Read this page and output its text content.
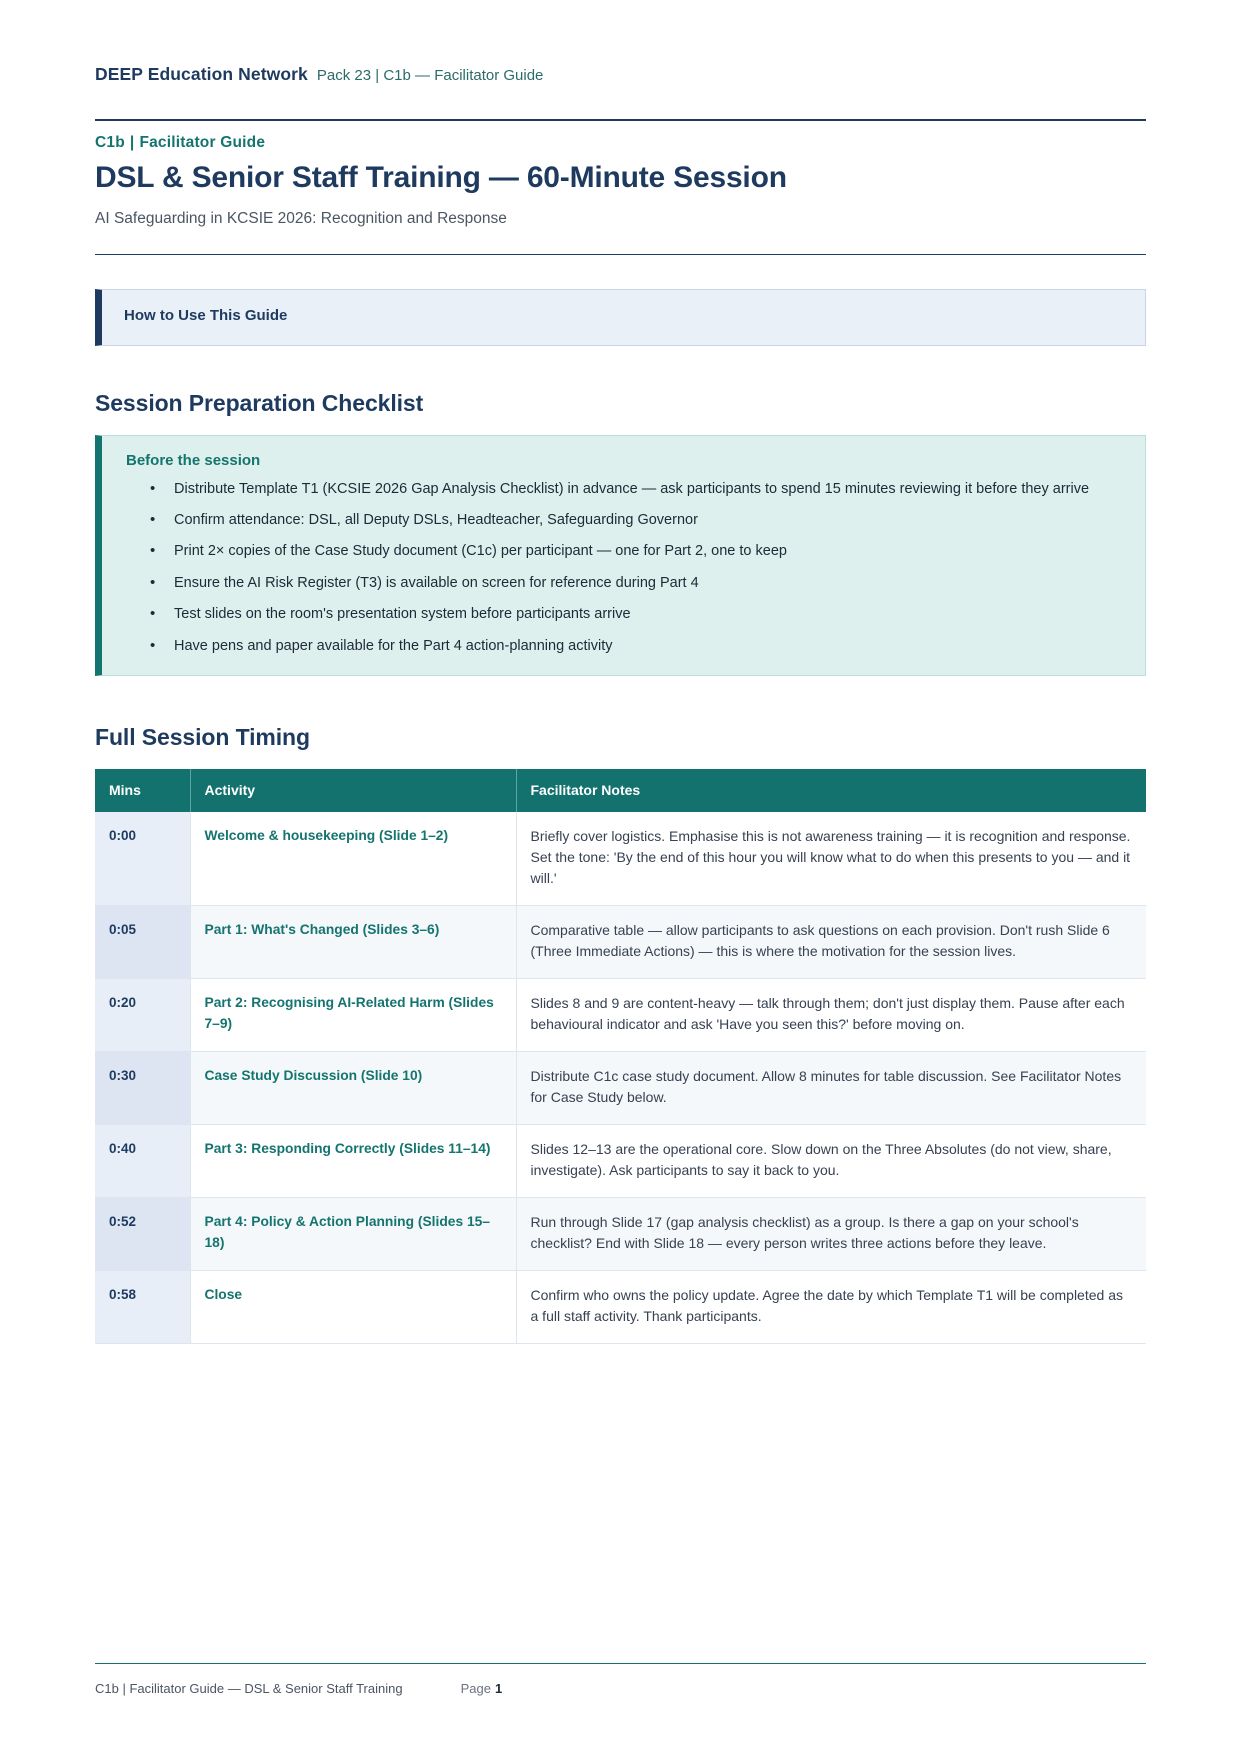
DEEP Education Network Pack 23 | C1b — Facilitator Guide
C1b | Facilitator Guide
DSL & Senior Staff Training — 60-Minute Session
AI Safeguarding in KCSIE 2026: Recognition and Response
How to Use This Guide
Session Preparation Checklist
Before the session
• Distribute Template T1 (KCSIE 2026 Gap Analysis Checklist) in advance — ask participants to spend 15 minutes reviewing it before they arrive
• Confirm attendance: DSL, all Deputy DSLs, Headteacher, Safeguarding Governor
• Print 2× copies of the Case Study document (C1c) per participant — one for Part 2, one to keep
• Ensure the AI Risk Register (T3) is available on screen for reference during Part 4
• Test slides on the room's presentation system before participants arrive
• Have pens and paper available for the Part 4 action-planning activity
Full Session Timing
Mins	Activity	Facilitator Notes
0:00	Welcome & housekeeping (Slide 1–2)	Briefly cover logistics. Emphasise this is not awareness training — it is recognition and response. Set the tone: 'By the end of this hour you will know what to do when this presents to you — and it will.'
0:05	Part 1: What's Changed (Slides 3–6)	Comparative table — allow participants to ask questions on each provision. Don't rush Slide 6 (Three Immediate Actions) — this is where the motivation for the session lives.
0:20	Part 2: Recognising AI-Related Harm (Slides 7–9)	Slides 8 and 9 are content-heavy — talk through them; don't just display them. Pause after each behavioural indicator and ask 'Have you seen this?' before moving on.
0:30	Case Study Discussion (Slide 10)	Distribute C1c case study document. Allow 8 minutes for table discussion. See Facilitator Notes for Case Study below.
0:40	Part 3: Responding Correctly (Slides 11–14)	Slides 12–13 are the operational core. Slow down on the Three Absolutes (do not view, share, investigate). Ask participants to say it back to you.
0:52	Part 4: Policy & Action Planning (Slides 15–18)	Run through Slide 17 (gap analysis checklist) as a group. Is there a gap on your school's checklist? End with Slide 18 — every person writes three actions before they leave.
0:58	Close	Confirm who owns the policy update. Agree the date by which Template T1 will be completed as a full staff activity. Thank participants.
C1b | Facilitator Guide — DSL & Senior Staff Training	Page 1
